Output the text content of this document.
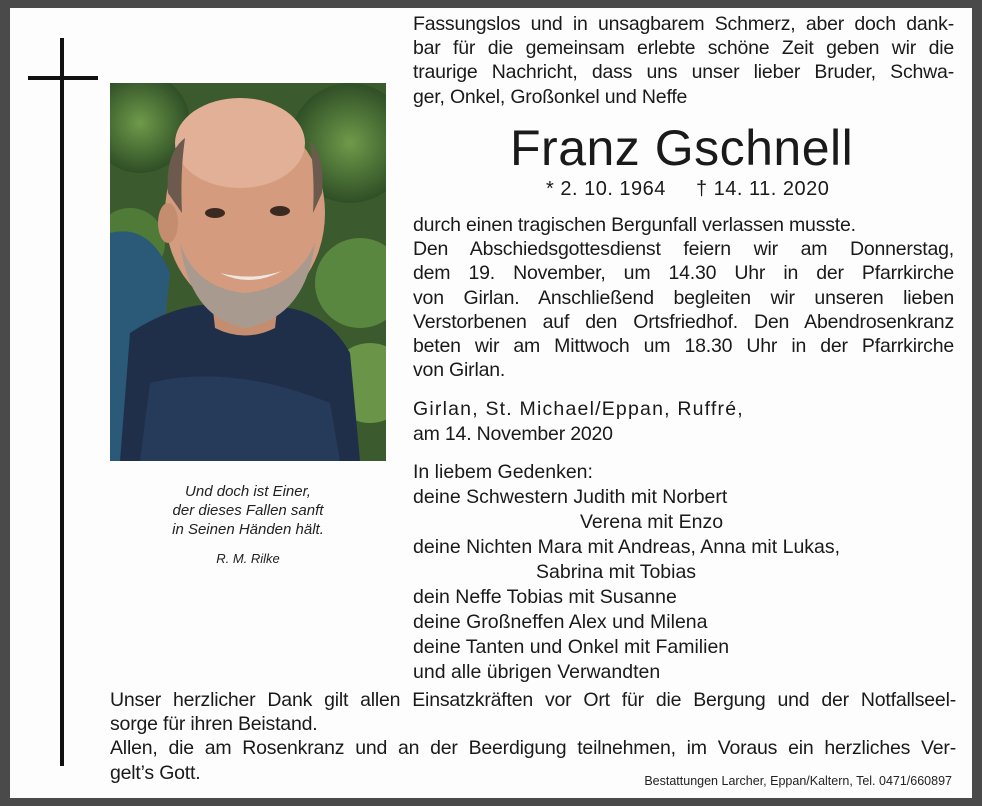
Und doch ist Einer,
der dieses Fallen sanft
in Seinen Händen hält.
R. M. Rilke
Fassungslos und in unsagbarem Schmerz, aber doch dank-
bar für die gemeinsam erlebte schöne Zeit geben wir die
traurige Nachricht, dass uns unser lieber Bruder, Schwa-
ger, Onkel, Großonkel und Neffe
Franz Gschnell
* 2. 10. 1964 † 14. 11. 2020
durch einen tragischen Bergunfall verlassen musste.
Den Abschiedsgottesdienst feiern wir am Donnerstag,
dem 19. November, um 14.30 Uhr in der Pfarrkirche
von Girlan. Anschließend begleiten wir unseren lieben
Verstorbenen auf den Ortsfriedhof. Den Abendrosenkranz
beten wir am Mittwoch um 18.30 Uhr in der Pfarrkirche
von Girlan.
Girlan, St. Michael/Eppan, Ruffré,
am 14. November 2020
In liebem Gedenken:
deine Schwestern Judith mit Norbert
Verena mit Enzo
deine Nichten Mara mit Andreas, Anna mit Lukas,
Sabrina mit Tobias
dein Neffe Tobias mit Susanne
deine Großneffen Alex und Milena
deine Tanten und Onkel mit Familien
und alle übrigen Verwandten
Unser herzlicher Dank gilt allen Einsatzkräften vor Ort für die Bergung und der Notfallseel-
sorge für ihren Beistand.
Allen, die am Rosenkranz und an der Beerdigung teilnehmen, im Voraus ein herzliches Ver-
gelt’s Gott.	Bestattungen Larcher, Eppan/Kaltern, Tel. 0471/660897
